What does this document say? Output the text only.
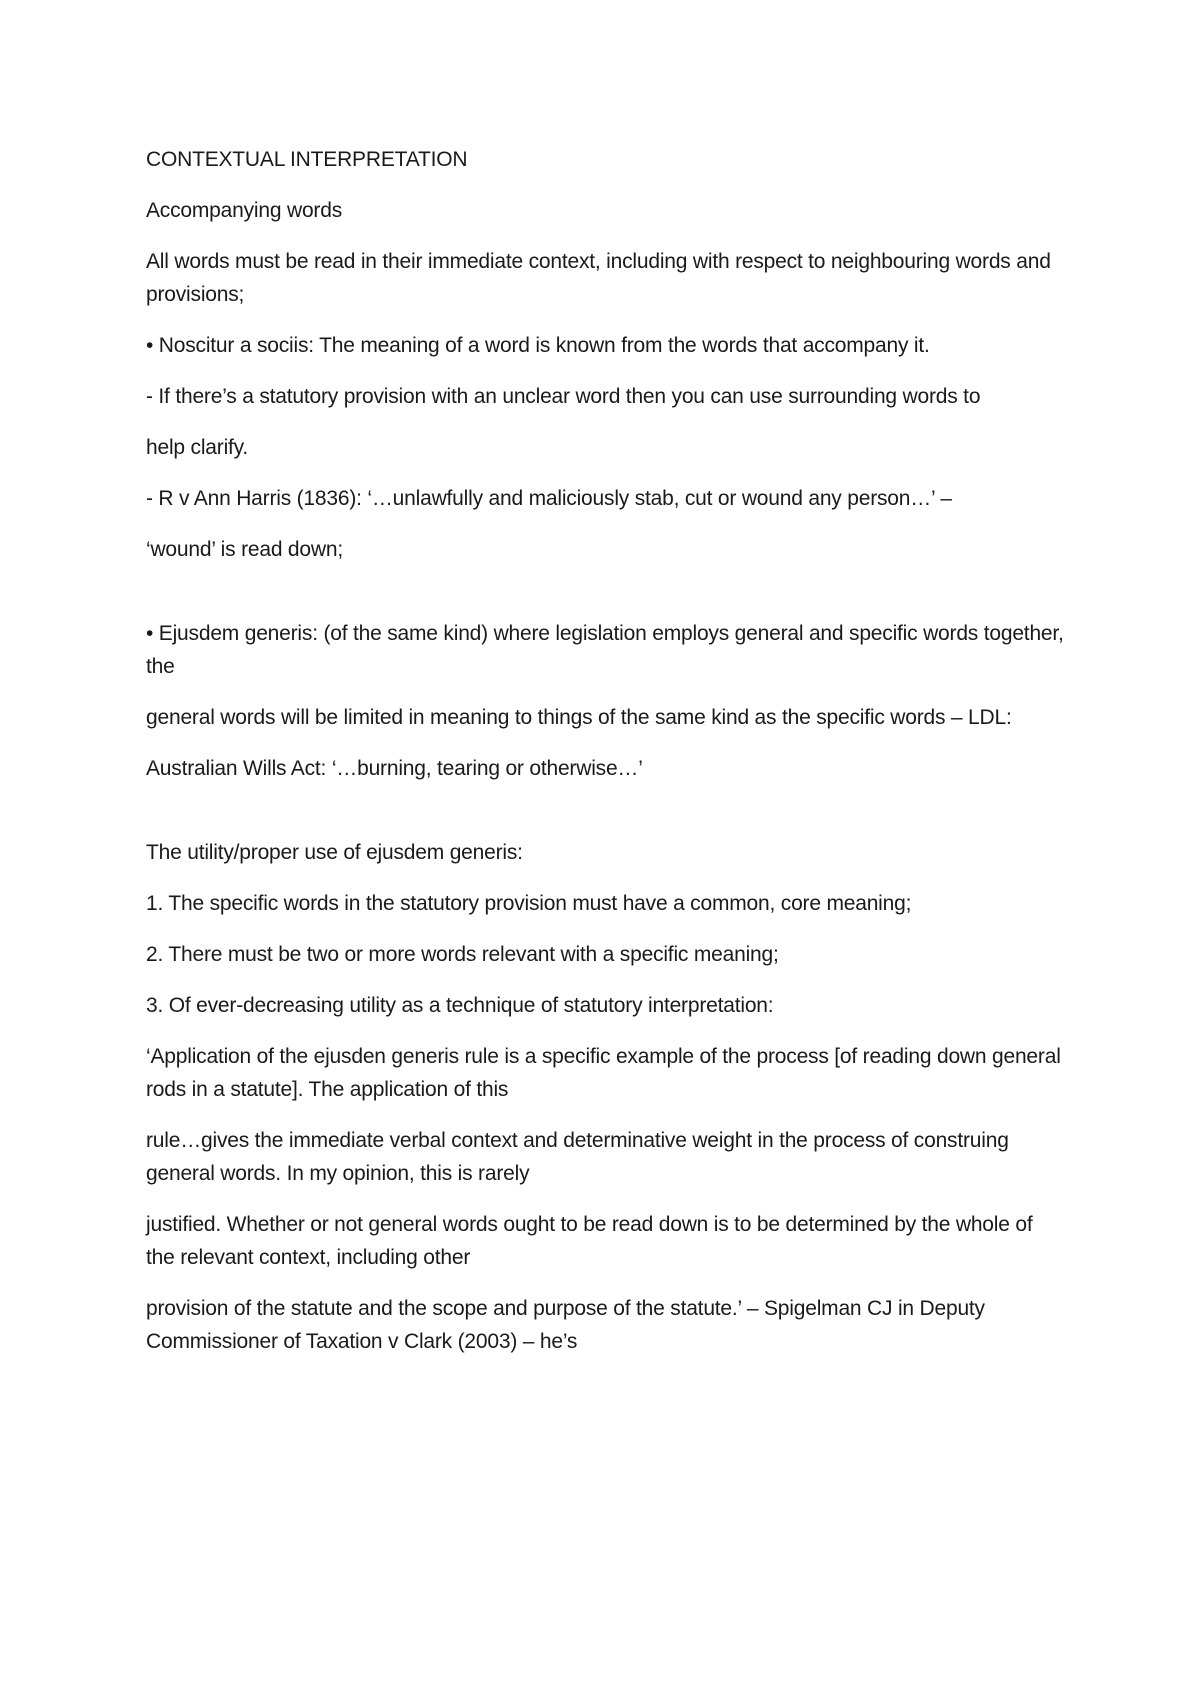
CONTEXTUAL INTERPRETATION

Accompanying words

All words must be read in their immediate context, including with respect to neighbouring words and provisions;

• Noscitur a sociis: The meaning of a word is known from the words that accompany it.

- If there’s a statutory provision with an unclear word then you can use surrounding words to

help clarify.

- R v Ann Harris (1836): ‘…unlawfully and maliciously stab, cut or wound any person…’ –

‘wound’ is read down;

• Ejusdem generis: (of the same kind) where legislation employs general and specific words together, the

general words will be limited in meaning to things of the same kind as the specific words – LDL:

Australian Wills Act: ‘…burning, tearing or otherwise…’

The utility/proper use of ejusdem generis:

1. The specific words in the statutory provision must have a common, core meaning;

2. There must be two or more words relevant with a specific meaning;

3. Of ever-decreasing utility as a technique of statutory interpretation:

‘Application of the ejusden generis rule is a specific example of the process [of reading down general rods in a statute]. The application of this

rule…gives the immediate verbal context and determinative weight in the process of construing general words. In my opinion, this is rarely

justified. Whether or not general words ought to be read down is to be determined by the whole of the relevant context, including other

provision of the statute and the scope and purpose of the statute.’ – Spigelman CJ in Deputy Commissioner of Taxation v Clark (2003) – he’s
